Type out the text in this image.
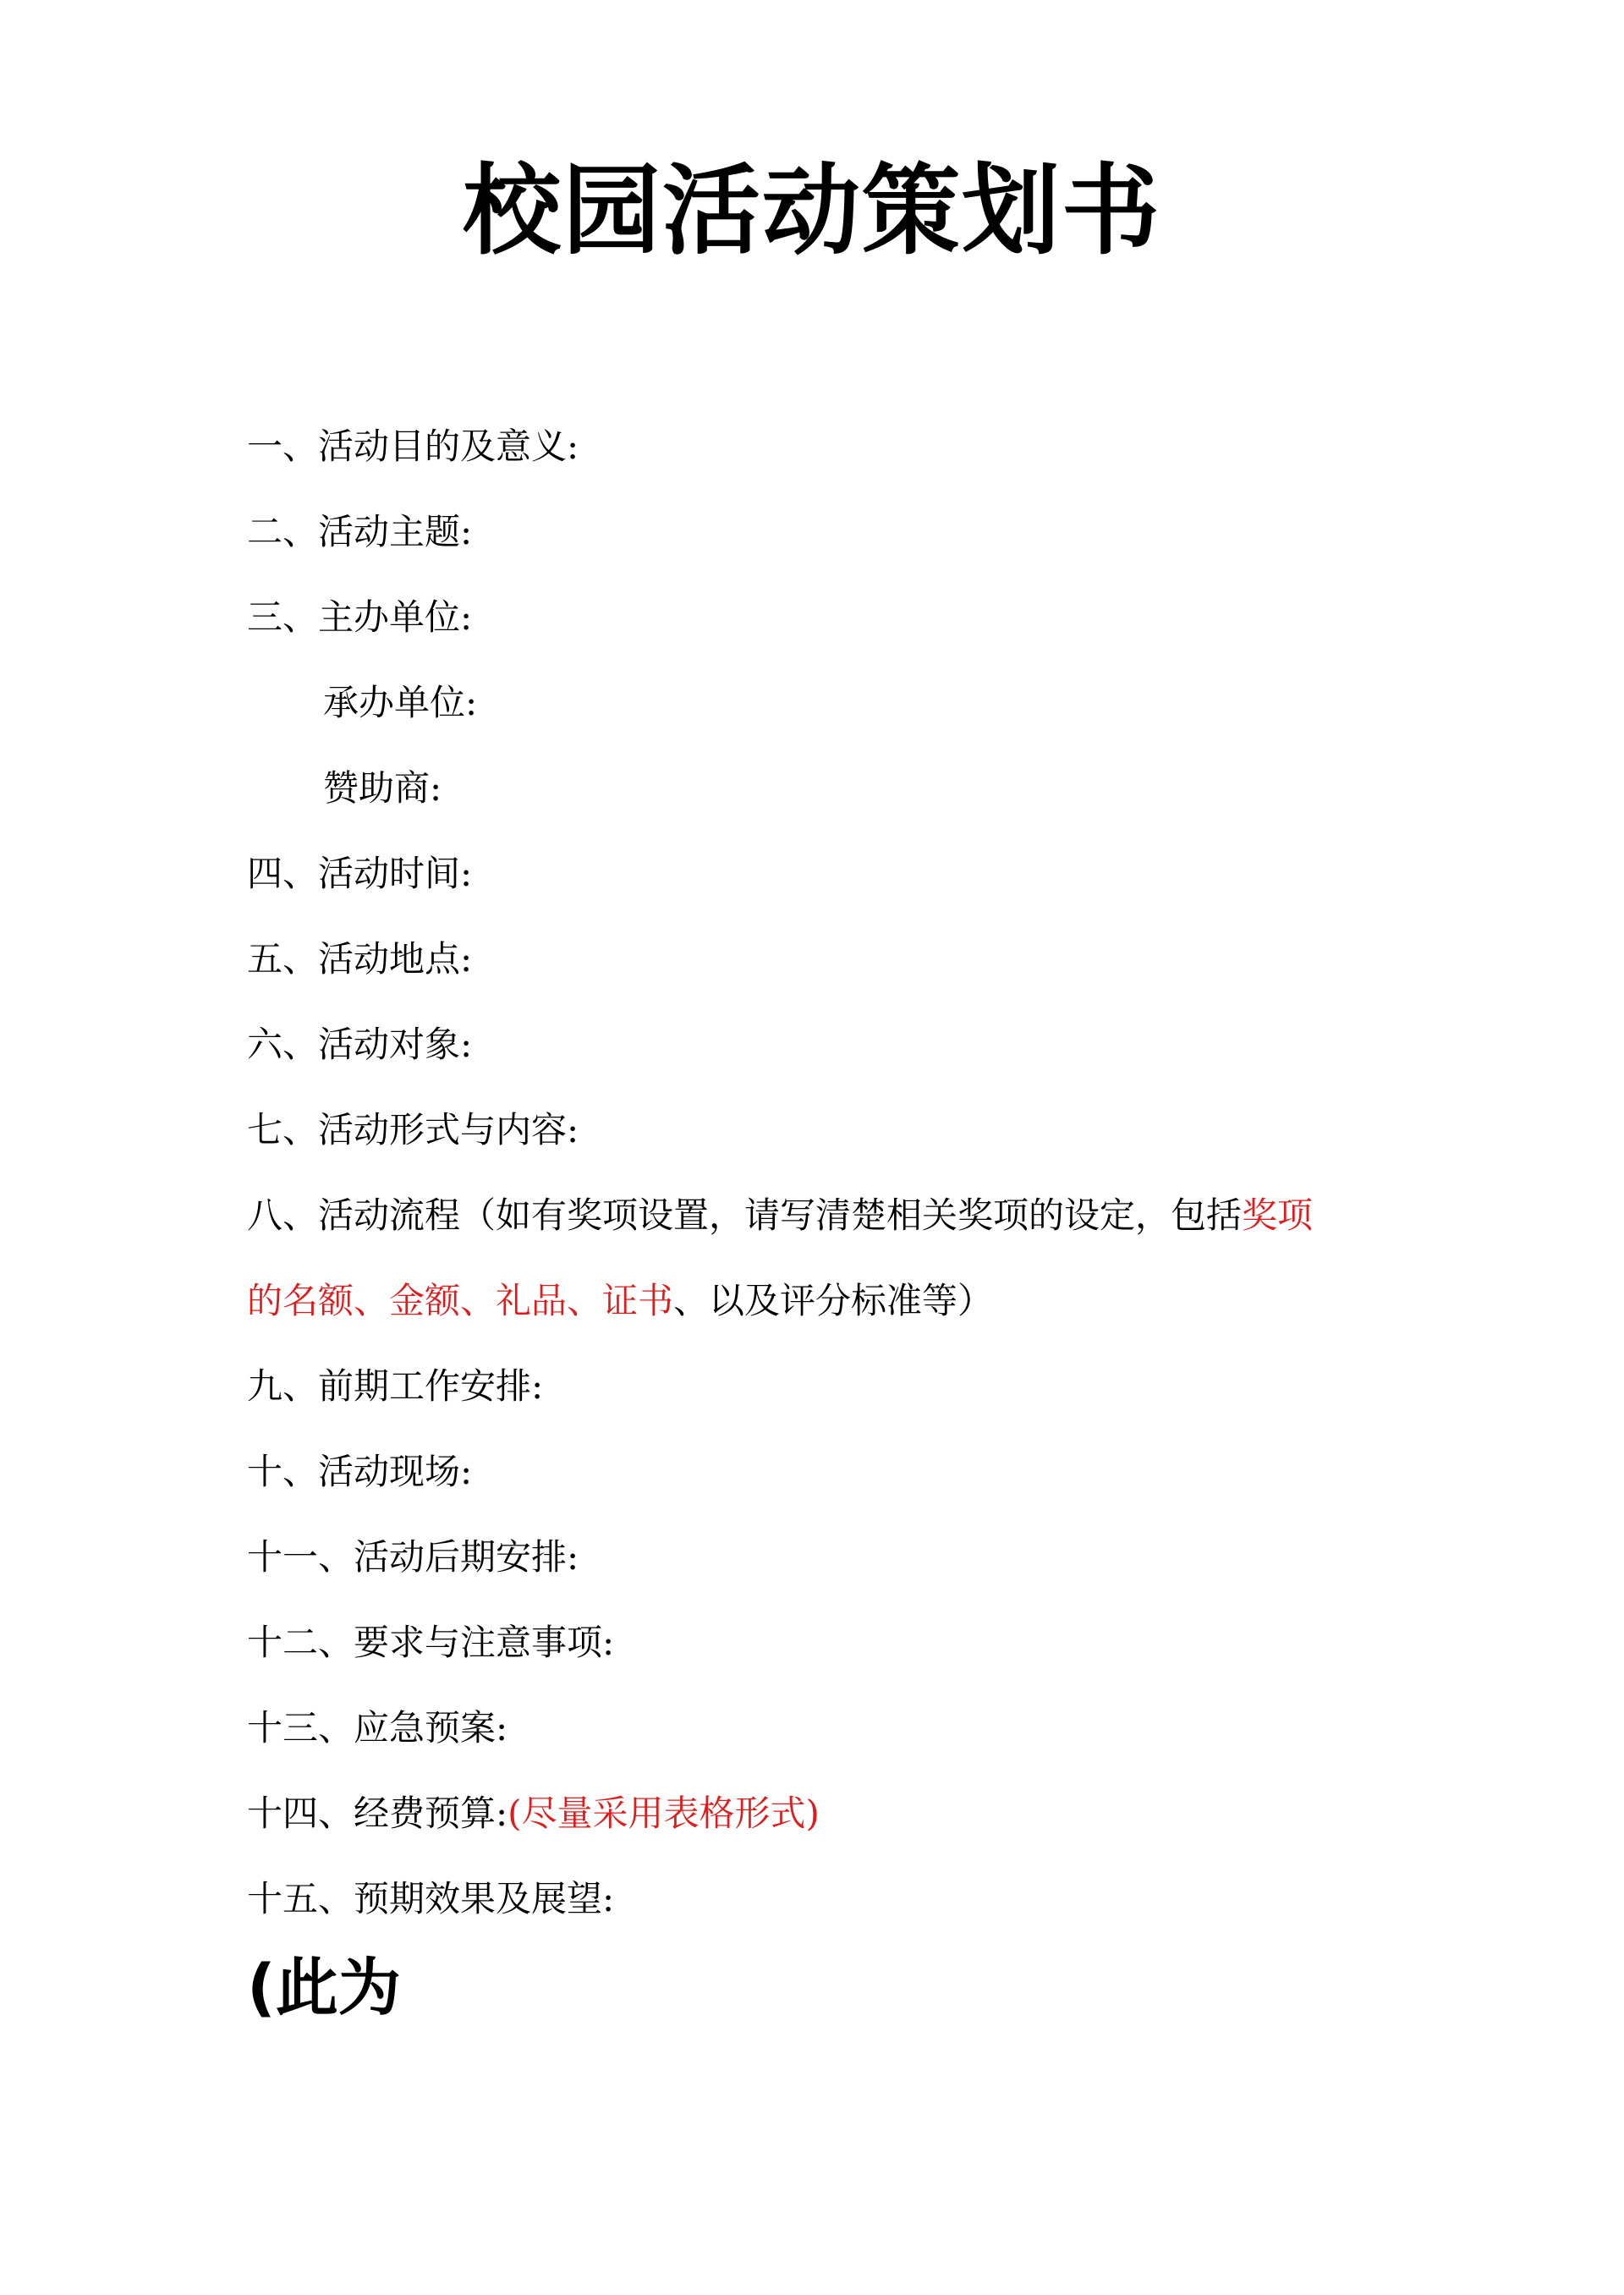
校园活动策划书
一、活动目的及意义:
二、活动主题:
三、主办单位:
承办单位:
赞助商:
四、活动时间:
五、活动地点:
六、活动对象:
七、活动形式与内容:
八、活动流程（如有奖项设置，请写清楚相关奖项的设定，包括奖项
的名额、金额、礼品、证书、以及评分标准等）
九、前期工作安排:
十、活动现场:
十一、活动后期安排:
十二、要求与注意事项:
十三、应急预案:
十四、经费预算:(尽量采用表格形式)
十五、预期效果及展望:
(此为
